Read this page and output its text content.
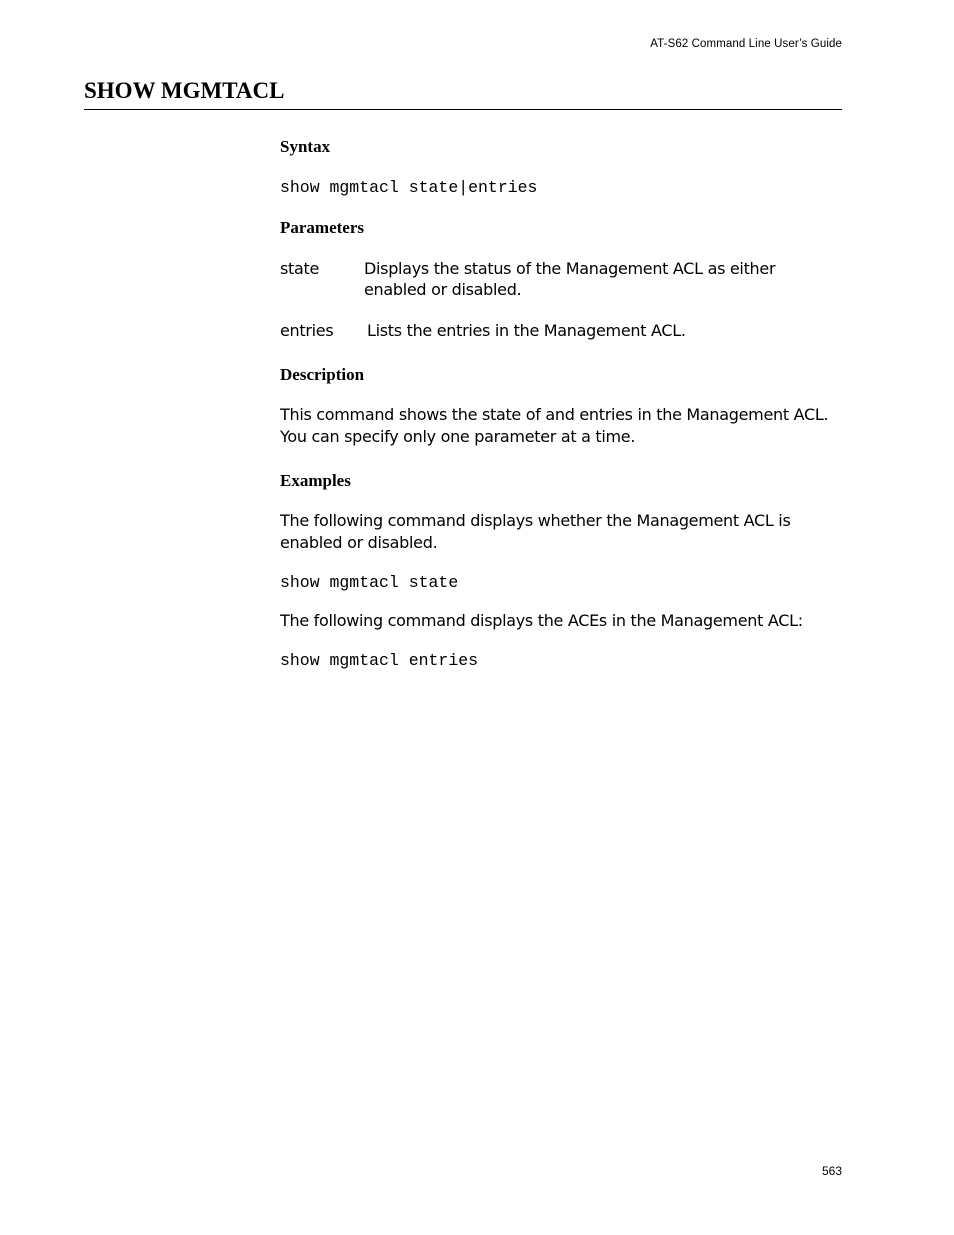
AT-S62 Command Line User’s Guide
SHOW MGMTACL
Syntax
show mgmtacl state|entries
Parameters
state	Displays the status of the Management ACL as either enabled or disabled.
entries Lists the entries in the Management ACL.
Description

This command shows the state of and entries in the Management ACL. You can specify only one parameter at a time.

Examples

The following command displays whether the Management ACL is enabled or disabled.

show mgmtacl state

The following command displays the ACEs in the Management ACL:

show mgmtacl entries
563
